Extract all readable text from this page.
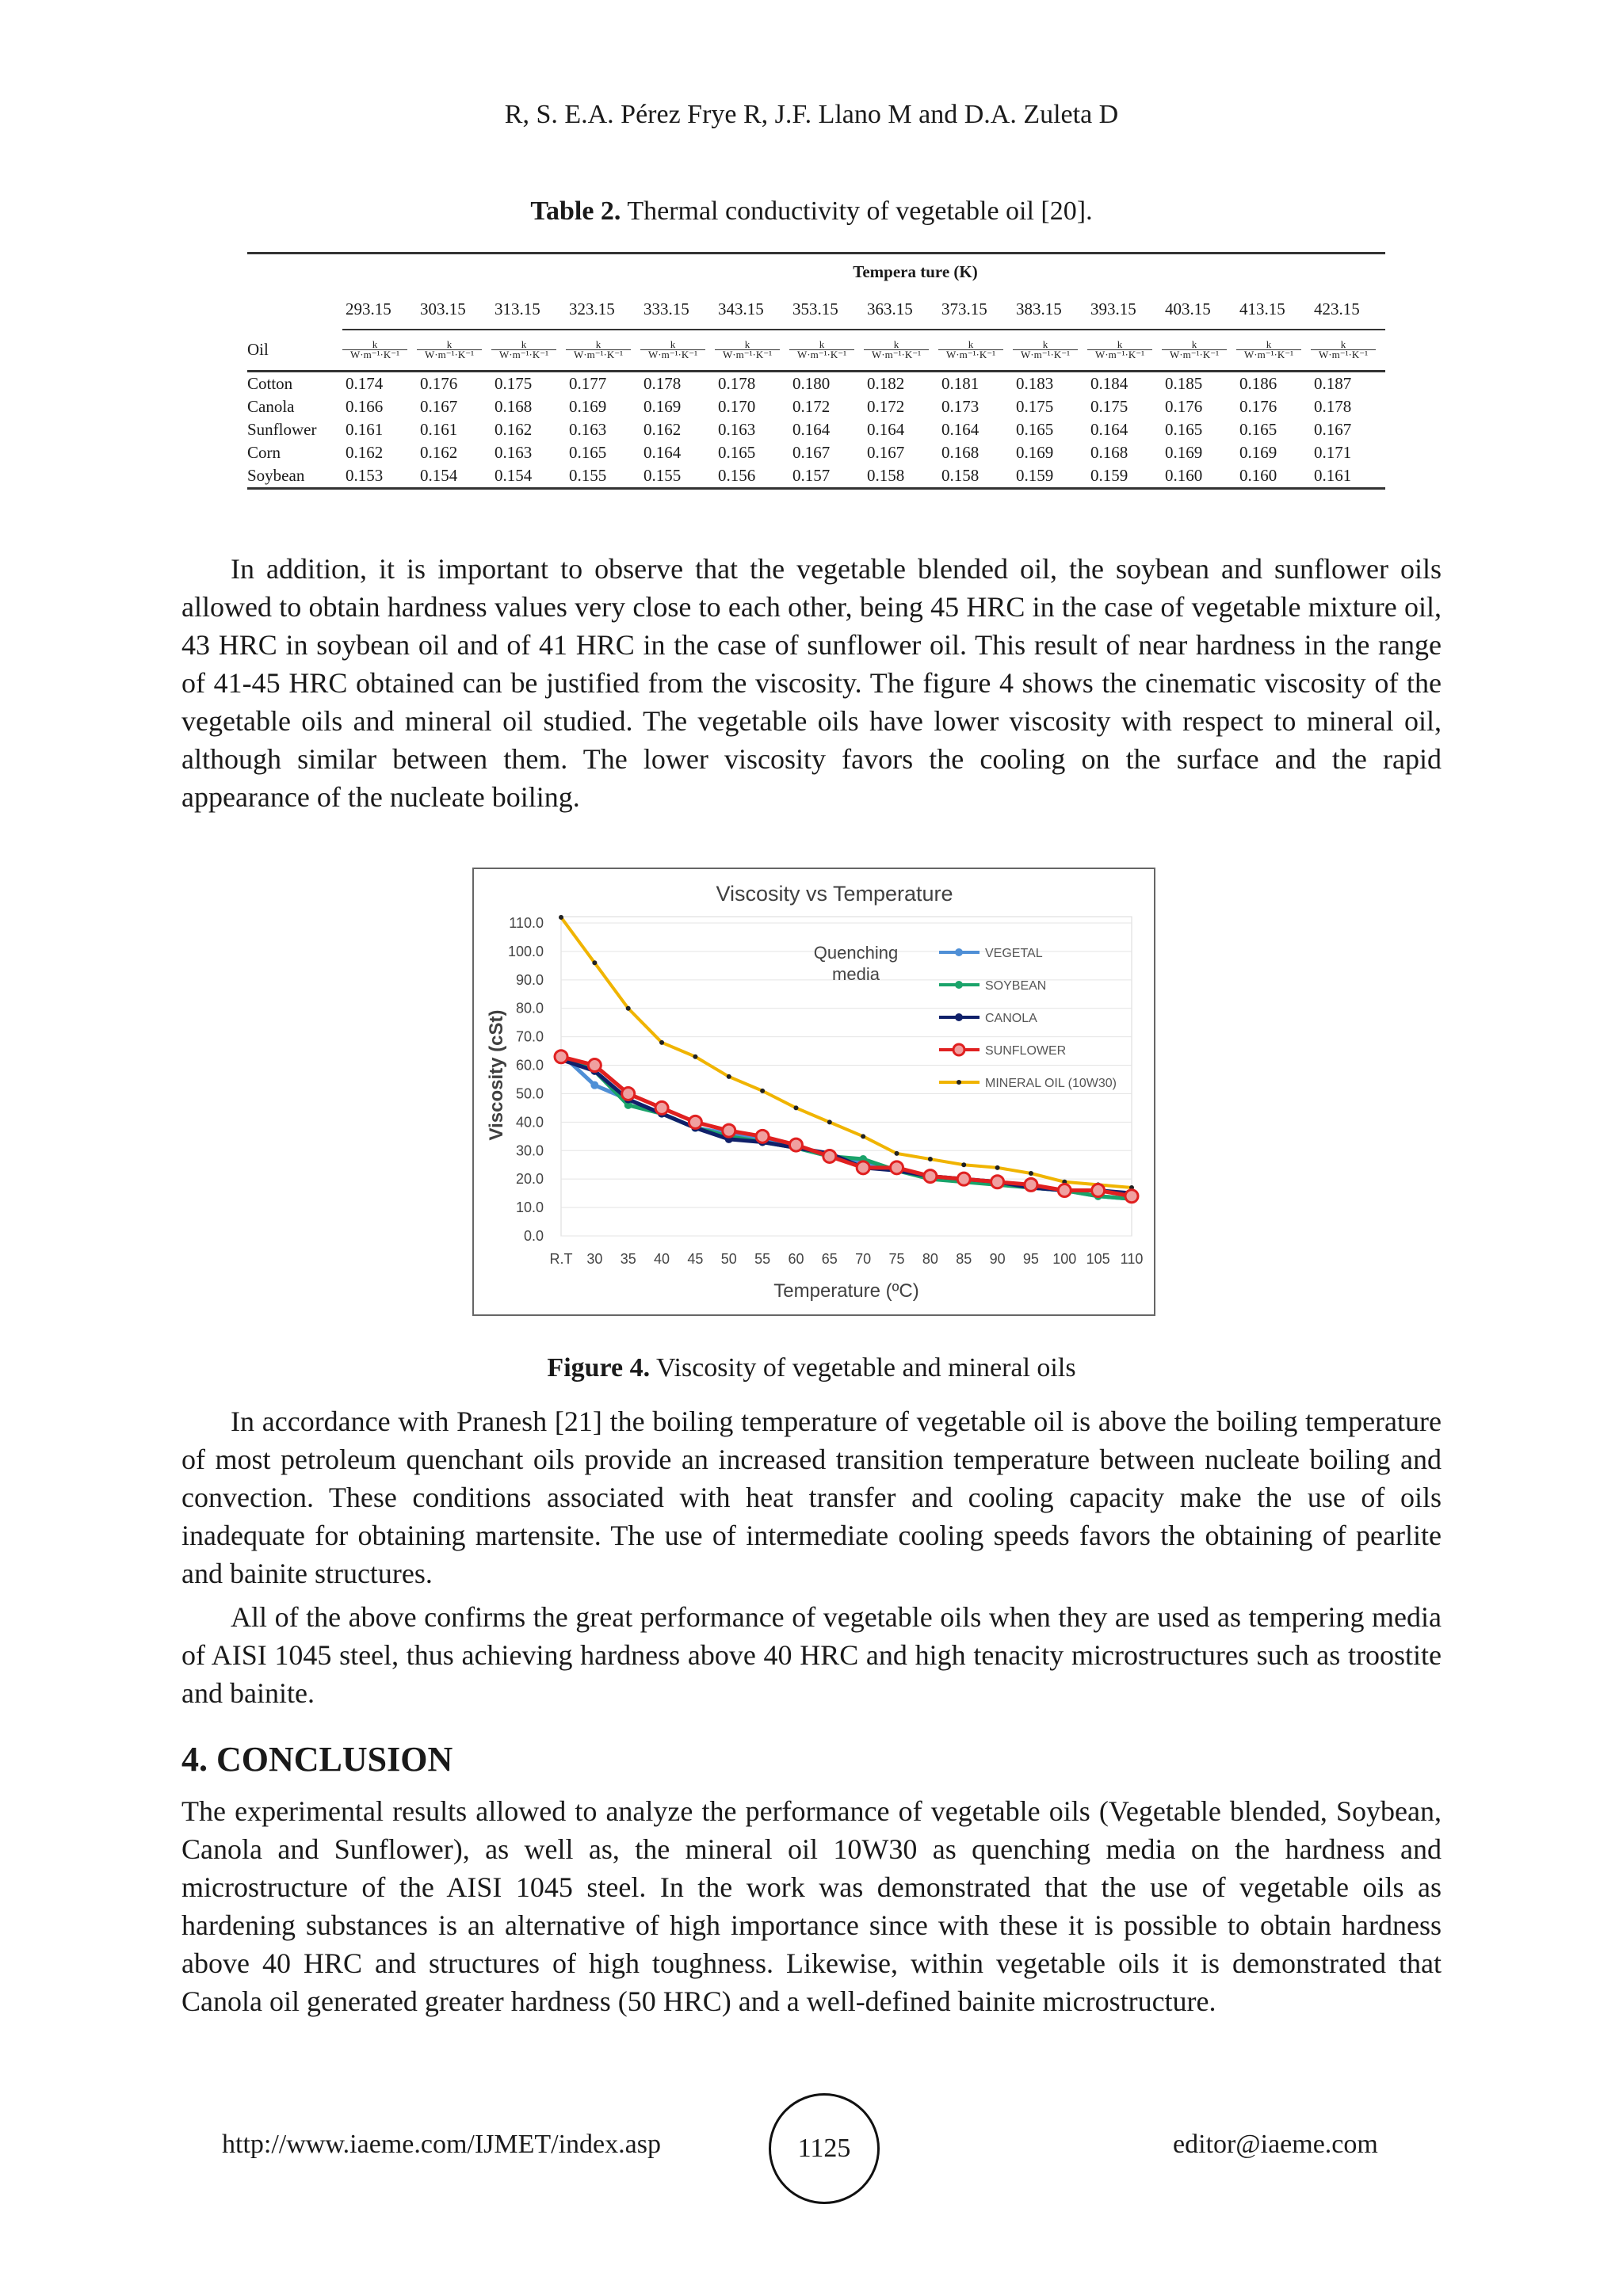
R, S. E.A. Pérez Frye R, J.F. Llano M and D.A. Zuleta D
Table 2. Thermal conductivity of vegetable oil [20].
Tempera ture (K)														
	293.15	303.15	313.15	323.15	333.15	343.15	353.15	363.15	373.15	383.15	393.15	403.15	413.15	423.15
Oil	$\frac{k}{\text{W·m⁻¹·K⁻¹}}$	$\frac{k}{\text{W·m⁻¹·K⁻¹}}$	$\frac{k}{\text{W·m⁻¹·K⁻¹}}$	$\frac{k}{\text{W·m⁻¹·K⁻¹}}$	$\frac{k}{\text{W·m⁻¹·K⁻¹}}$	$\frac{k}{\text{W·m⁻¹·K⁻¹}}$	$\frac{k}{\text{W·m⁻¹·K⁻¹}}$	$\frac{k}{\text{W·m⁻¹·K⁻¹}}$	$\frac{k}{\text{W·m⁻¹·K⁻¹}}$	$\frac{k}{\text{W·m⁻¹·K⁻¹}}$	$\frac{k}{\text{W·m⁻¹·K⁻¹}}$	$\frac{k}{\text{W·m⁻¹·K⁻¹}}$	$\frac{k}{\text{W·m⁻¹·K⁻¹}}$	$\frac{k}{\text{W·m⁻¹·K⁻¹}}$

Cotton	0.174	0.176	0.175	0.177	0.178	0.178	0.180	0.182	0.181	0.183	0.184	0.185	0.186	0.187
Canola	0.166	0.167	0.168	0.169	0.169	0.170	0.172	0.172	0.173	0.175	0.175	0.176	0.176	0.178
Sunflower	0.161	0.161	0.162	0.163	0.162	0.163	0.164	0.164	0.164	0.165	0.164	0.165	0.165	0.167
Corn	0.162	0.162	0.163	0.165	0.164	0.165	0.167	0.167	0.168	0.169	0.168	0.169	0.169	0.171
Soybean	0.153	0.154	0.154	0.155	0.155	0.156	0.157	0.158	0.158	0.159	0.159	0.160	0.160	0.161
In addition, it is important to observe that the vegetable blended oil, the soybean and sunflower oils allowed to obtain hardness values very close to each other, being 45 HRC in the case of vegetable mixture oil, 43 HRC in soybean oil and of 41 HRC in the case of sunflower oil. This result of near hardness in the range of 41-45 HRC obtained can be justified from the viscosity. The figure 4 shows the cinematic viscosity of the vegetable oils and mineral oil studied. The vegetable oils have lower viscosity with respect to mineral oil, although similar between them. The lower viscosity favors the cooling on the surface and the rapid appearance of the nucleate boiling.
0.0
10.0
20.0
30.0
40.0
50.0
60.0
70.0
80.0
90.0
100.0
110.0
R.T 30 35 40 45 50 55 60 65 70 75 80 85 90 95 100 105 110
Viscosity vs Temperature
Temperature (ºC)
Viscosity (cSt)
Quenching
media
VEGETAL
SOYBEAN
CANOLA
SUNFLOWER
MINERAL OIL (10W30)
Figure 4. Viscosity of vegetable and mineral oils
In accordance with Pranesh [21] the boiling temperature of vegetable oil is above the boiling temperature of most petroleum quenchant oils provide an increased transition temperature between nucleate boiling and convection. These conditions associated with heat transfer and cooling capacity make the use of oils inadequate for obtaining martensite. The use of intermediate cooling speeds favors the obtaining of pearlite and bainite structures.
All of the above confirms the great performance of vegetable oils when they are used as tempering media of AISI 1045 steel, thus achieving hardness above 40 HRC and high tenacity microstructures such as troostite and bainite.
4. CONCLUSION
The experimental results allowed to analyze the performance of vegetable oils (Vegetable blended, Soybean, Canola and Sunflower), as well as, the mineral oil 10W30 as quenching media on the hardness and microstructure of the AISI 1045 steel. In the work was demonstrated that the use of vegetable oils as hardening substances is an alternative of high importance since with these it is possible to obtain hardness above 40 HRC and structures of high toughness. Likewise, within vegetable oils it is demonstrated that Canola oil generated greater hardness (50 HRC) and a well-defined bainite microstructure.
http://www.iaeme.com/IJMET/index.asp	1125	editor@iaeme.com
